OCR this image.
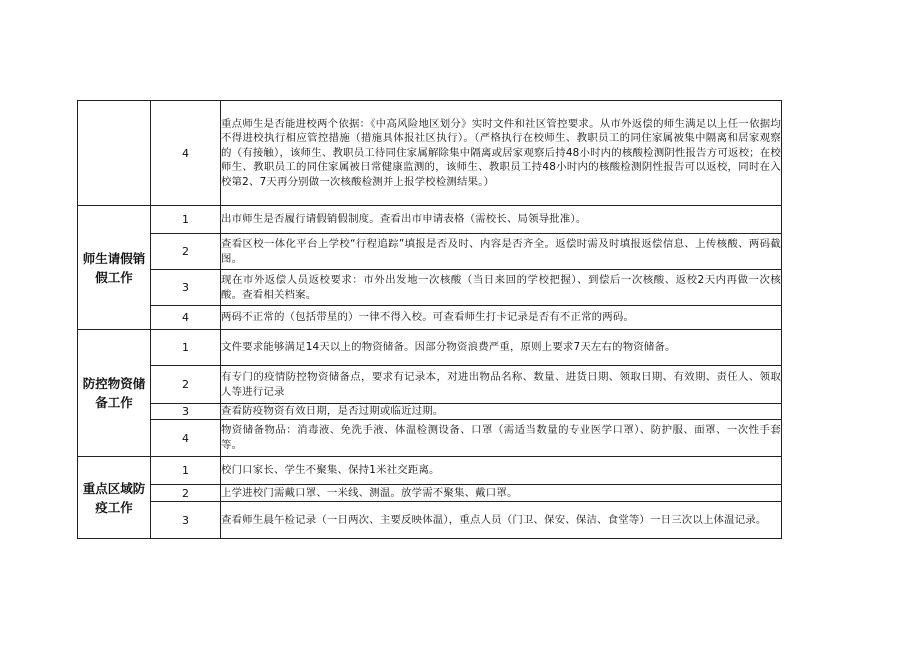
	4	重点师生是否能进校两个依据：《中高风险地区划分》实时文件和社区管控要求。从市外返偿的师生满足以上任一依据均不得进校执行相应管控措施（措施具体报社区执行）。（严格执行在校师生、教职员工的同住家属被集中隔离和居家观察的（有接触），该师生、教职员工待同住家属解除集中隔离或居家观察后持48小时内的核酸检测阴性报告方可返校；在校师生、教职员工的同住家属被日常健康监测的，该师生、教职员工持48小时内的核酸检测阴性报告可以返校，同时在入校第2、7天再分别做一次核酸检测并上报学校检测结果。）
师生请假销假工作	1	出市师生是否履行请假销假制度。查看出市申请表格（需校长、局领导批准）。
	2	查看区校一体化平台上学校“行程追踪”填报是否及时、内容是否齐全。返偿时需及时填报返偿信息、上传核酸、两码截图。
	3	现在市外返偿人员返校要求：市外出发地一次核酸（当日来回的学校把握）、到偿后一次核酸、返校2天内再做一次核酸。查看相关档案。
	4	两码不正常的（包括带星的）一律不得入校。可查看师生打卡记录是否有不正常的两码。
防控物资储备工作	1	文件要求能够满足14天以上的物资储备。因部分物资浪费严重，原则上要求7天左右的物资储备。
	2	有专门的疫情防控物资储备点，要求有记录本，对进出物品名称、数量、进货日期、领取日期、有效期、责任人、领取人等进行记录
	3	查看防疫物资有效日期，是否过期或临近过期。
	4	物资储备物品：消毒液、免洗手液、体温检测设备、口罩（需适当数量的专业医学口罩）、防护服、面罩、一次性手套等。
重点区域防疫工作	1	校门口家长、学生不聚集、保持1米社交距离。
	2	上学进校门需戴口罩、一米线、测温。放学需不聚集、戴口罩。
	3	查看师生晨午检记录（一日两次、主要反映体温），重点人员（门卫、保安、保洁、食堂等）一日三次以上体温记录。
